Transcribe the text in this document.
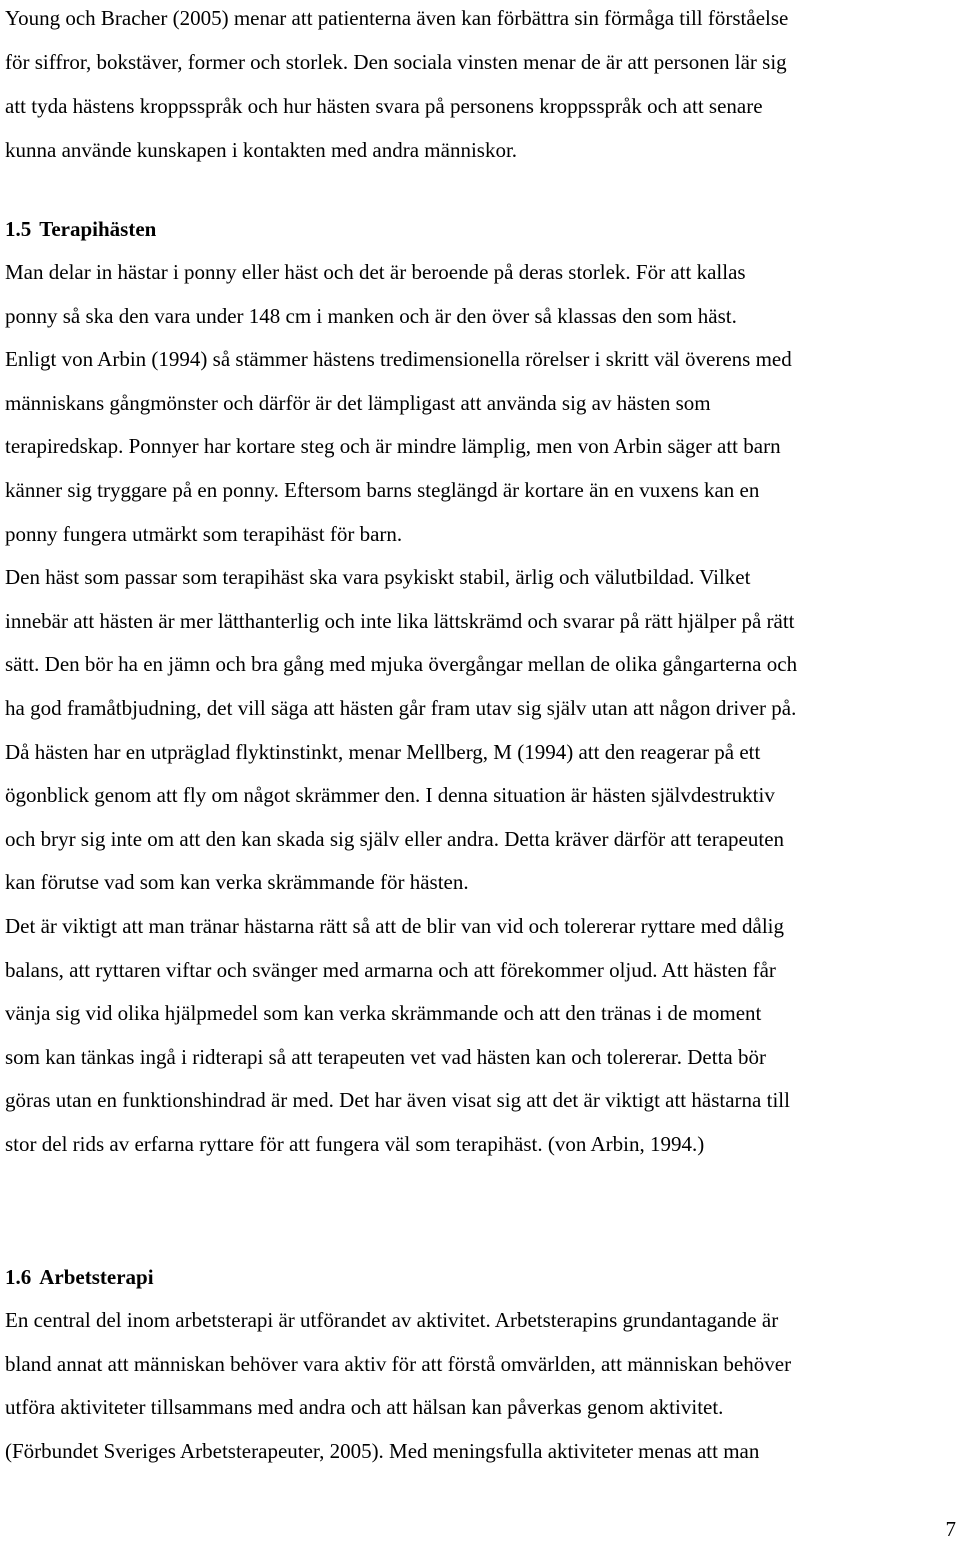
Young och Bracher (2005) menar att patienterna även kan förbättra sin förmåga till förståelse
för siffror, bokstäver, former och storlek. Den sociala vinsten menar de är att personen lär sig
att tyda hästens kroppsspråk och hur hästen svara på personens kroppsspråk och att senare
kunna använde kunskapen i kontakten med andra människor.
1.5 Terapihästen
Man delar in hästar i ponny eller häst och det är beroende på deras storlek. För att kallas
ponny så ska den vara under 148 cm i manken och är den över så klassas den som häst.
Enligt von Arbin (1994) så stämmer hästens tredimensionella rörelser i skritt väl överens med
människans gångmönster och därför är det lämpligast att använda sig av hästen som
terapiredskap. Ponnyer har kortare steg och är mindre lämplig, men von Arbin säger att barn
känner sig tryggare på en ponny. Eftersom barns steglängd är kortare än en vuxens kan en
ponny fungera utmärkt som terapihäst för barn.
Den häst som passar som terapihäst ska vara psykiskt stabil, ärlig och välutbildad. Vilket
innebär att hästen är mer lätthanterlig och inte lika lättskrämd och svarar på rätt hjälper på rätt
sätt. Den bör ha en jämn och bra gång med mjuka övergångar mellan de olika gångarterna och
ha god framåtbjudning, det vill säga att hästen går fram utav sig själv utan att någon driver på.
Då hästen har en utpräglad flyktinstinkt, menar Mellberg, M (1994) att den reagerar på ett
ögonblick genom att fly om något skrämmer den. I denna situation är hästen självdestruktiv
och bryr sig inte om att den kan skada sig själv eller andra. Detta kräver därför att terapeuten
kan förutse vad som kan verka skrämmande för hästen.
Det är viktigt att man tränar hästarna rätt så att de blir van vid och tolererar ryttare med dålig
balans, att ryttaren viftar och svänger med armarna och att förekommer oljud. Att hästen får
vänja sig vid olika hjälpmedel som kan verka skrämmande och att den tränas i de moment
som kan tänkas ingå i ridterapi så att terapeuten vet vad hästen kan och tolererar. Detta bör
göras utan en funktionshindrad är med. Det har även visat sig att det är viktigt att hästarna till
stor del rids av erfarna ryttare för att fungera väl som terapihäst. (von Arbin, 1994.)
1.6 Arbetsterapi
En central del inom arbetsterapi är utförandet av aktivitet. Arbetsterapins grundantagande är
bland annat att människan behöver vara aktiv för att förstå omvärlden, att människan behöver
utföra aktiviteter tillsammans med andra och att hälsan kan påverkas genom aktivitet.
(Förbundet Sveriges Arbetsterapeuter, 2005). Med meningsfulla aktiviteter menas att man
7
